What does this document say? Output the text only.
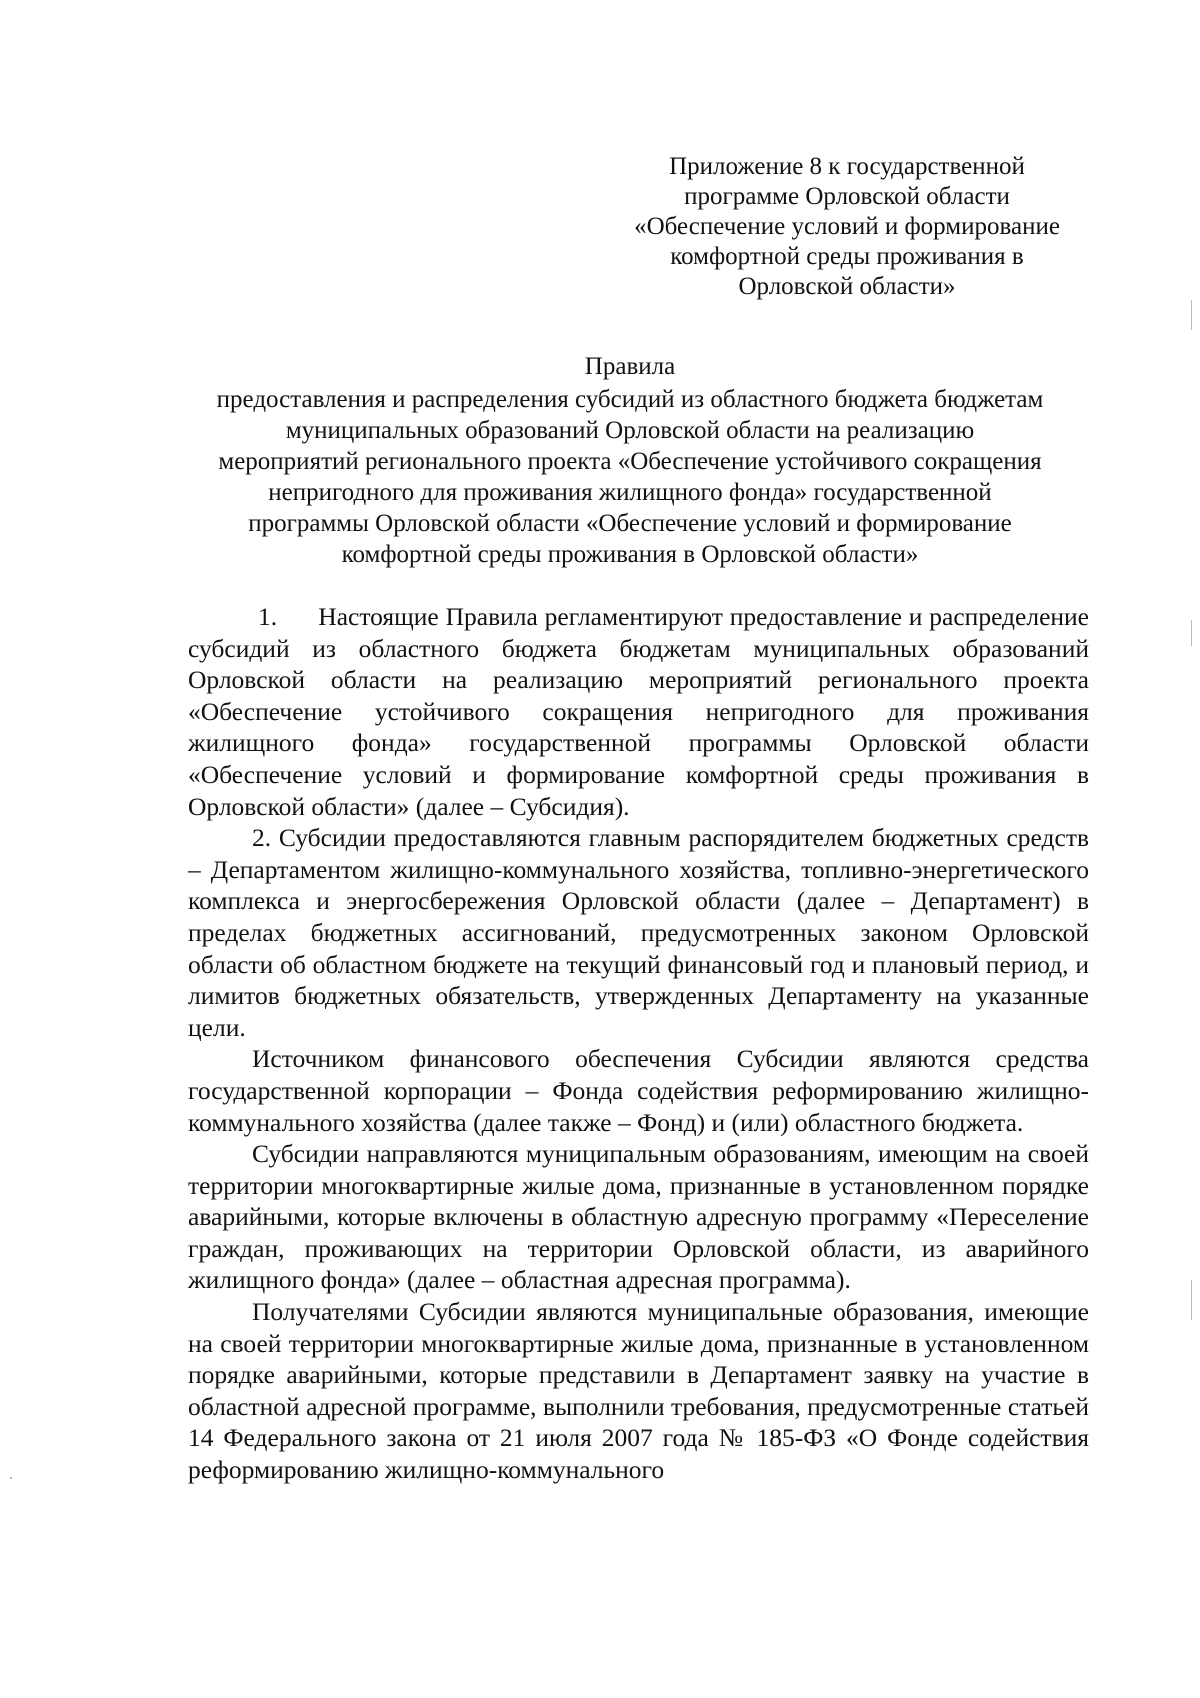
Приложение 8 к государственной
программе Орловской области
«Обеспечение условий и формирование
комфортной среды проживания в
Орловской области»
Правила
предоставления и распределения субсидий из областного бюджета бюджетам
муниципальных образований Орловской области на реализацию
мероприятий регионального проекта «Обеспечение устойчивого сокращения
непригодного для проживания жилищного фонда» государственной
программы Орловской области «Обеспечение условий и формирование
комфортной среды проживания в Орловской области»

1.      Настоящие Правила регламентируют предоставление и распределение субсидий из областного бюджета бюджетам муниципальных образований Орловской области на реализацию мероприятий регионального проекта «Обеспечение устойчивого сокращения непригодного для проживания жилищного фонда» государственной программы Орловской области «Обеспечение условий и формирование комфортной среды проживания в Орловской области» (далее – Субсидия).

2. Субсидии предоставляются главным распорядителем бюджетных средств – Департаментом жилищно-коммунального хозяйства, топливно-энергетического комплекса и энергосбережения Орловской области (далее – Департамент) в пределах бюджетных ассигнований, предусмотренных законом Орловской области об областном бюджете на текущий финансовый год и плановый период, и лимитов бюджетных обязательств, утвержденных Департаменту на указанные цели.

Источником финансового обеспечения Субсидии являются средства государственной корпорации – Фонда содействия реформированию жилищно-коммунального хозяйства (далее также – Фонд) и (или) областного бюджета.

Субсидии направляются муниципальным образованиям, имеющим на своей территории многоквартирные жилые дома, признанные в установленном порядке аварийными, которые включены в областную адресную программу «Переселение граждан, проживающих на территории Орловской области, из аварийного жилищного фонда» (далее – областная адресная программа).

Получателями Субсидии являются муниципальные образования, имеющие на своей территории многоквартирные жилые дома, признанные в установленном порядке аварийными, которые представили в Департамент заявку на участие в областной адресной программе, выполнили требования, предусмотренные статьей 14 Федерального закона от 21 июля 2007 года № 185-ФЗ «О Фонде содействия реформированию жилищно-коммунального
